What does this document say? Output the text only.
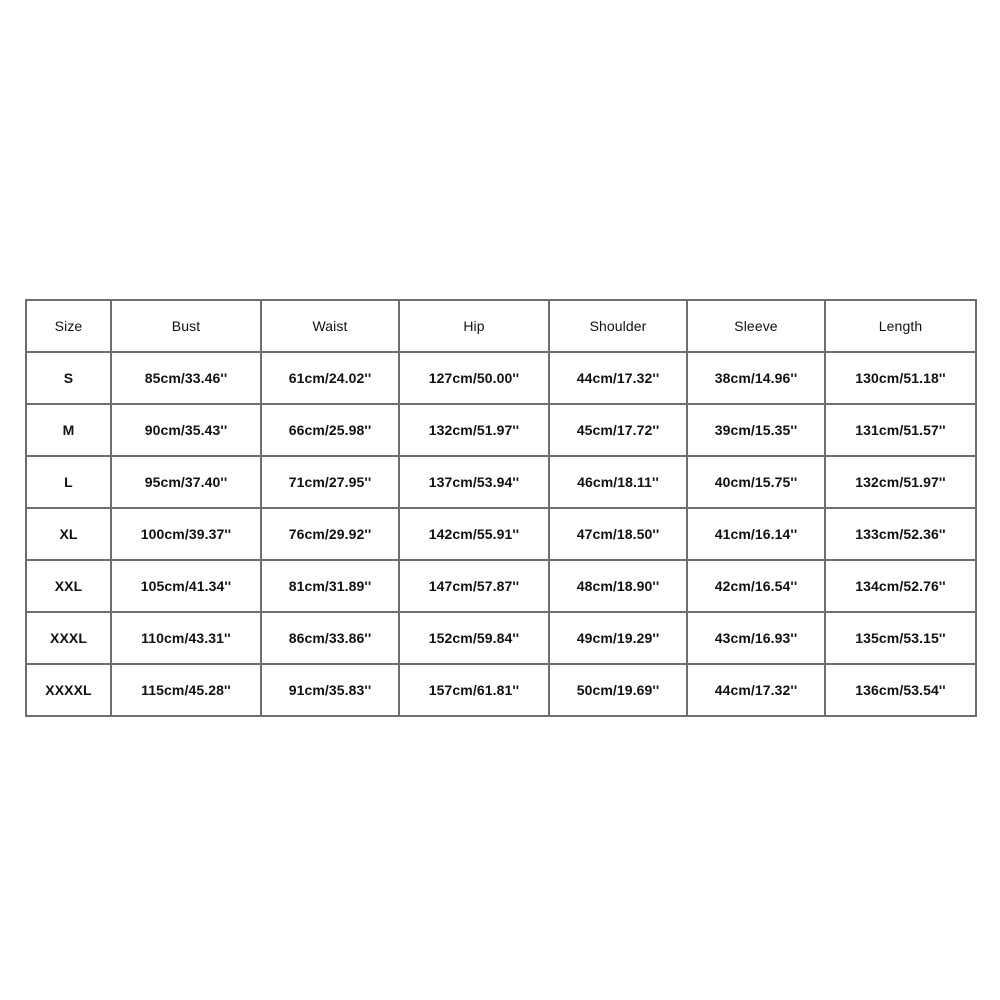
Size	Bust	Waist	Hip	Shoulder	Sleeve	Length
S	85cm/33.46''	61cm/24.02''	127cm/50.00''	44cm/17.32''	38cm/14.96''	130cm/51.18''
M	90cm/35.43''	66cm/25.98''	132cm/51.97''	45cm/17.72''	39cm/15.35''	131cm/51.57''
L	95cm/37.40''	71cm/27.95''	137cm/53.94''	46cm/18.11''	40cm/15.75''	132cm/51.97''
XL	100cm/39.37''	76cm/29.92''	142cm/55.91''	47cm/18.50''	41cm/16.14''	133cm/52.36''
XXL	105cm/41.34''	81cm/31.89''	147cm/57.87''	48cm/18.90''	42cm/16.54''	134cm/52.76''
XXXL	110cm/43.31''	86cm/33.86''	152cm/59.84''	49cm/19.29''	43cm/16.93''	135cm/53.15''
XXXXL	115cm/45.28''	91cm/35.83''	157cm/61.81''	50cm/19.69''	44cm/17.32''	136cm/53.54''
